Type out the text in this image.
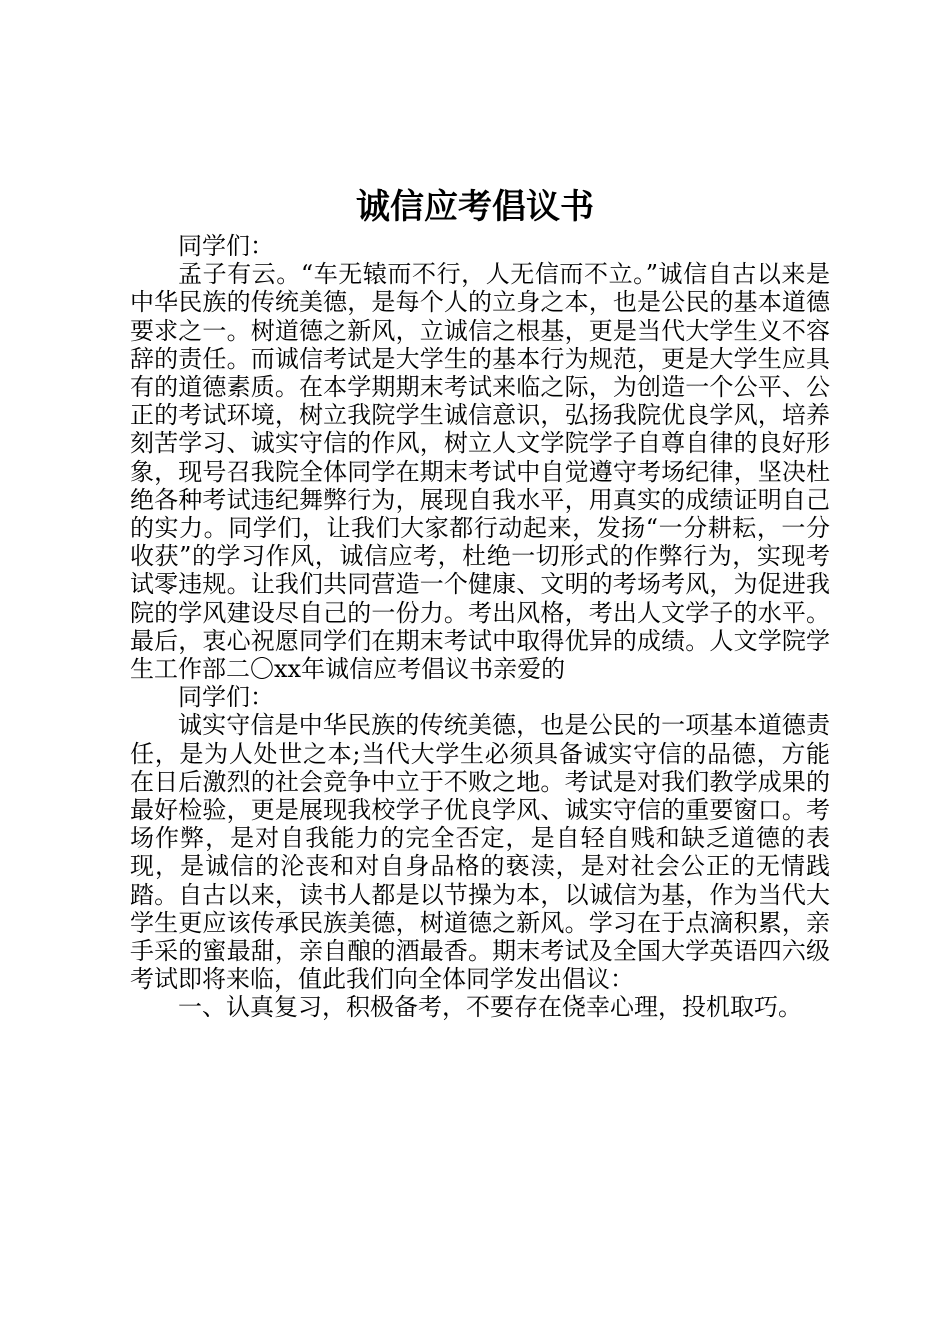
诚信应考倡议书

同学们：

孟子有云。“车无辕而不行，人无信而不立。”诚信自古以来是中华民族的传统美德，是每个人的立身之本，也是公民的基本道德要求之一。树道德之新风，立诚信之根基，更是当代大学生义不容辞的责任。而诚信考试是大学生的基本行为规范，更是大学生应具有的道德素质。在本学期期末考试来临之际，为创造一个公平、公正的考试环境，树立我院学生诚信意识，弘扬我院优良学风，培养刻苦学习、诚实守信的作风，树立人文学院学子自尊自律的良好形象，现号召我院全体同学在期末考试中自觉遵守考场纪律，坚决杜绝各种考试违纪舞弊行为，展现自我水平，用真实的成绩证明自己的实力。同学们，让我们大家都行动起来，发扬“一分耕耘，一分收获”的学习作风，诚信应考，杜绝一切形式的作弊行为，实现考试零违规。让我们共同营造一个健康、文明的考场考风，为促进我院的学风建设尽自己的一份力。考出风格，考出人文学子的水平。最后，衷心祝愿同学们在期末考试中取得优异的成绩。人文学院学生工作部二〇xx年诚信应考倡议书亲爱的

同学们：

诚实守信是中华民族的传统美德，也是公民的一项基本道德责任，是为人处世之本;当代大学生必须具备诚实守信的品德，方能在日后激烈的社会竞争中立于不败之地。考试是对我们教学成果的最好检验，更是展现我校学子优良学风、诚实守信的重要窗口。考场作弊，是对自我能力的完全否定，是自轻自贱和缺乏道德的表现，是诚信的沦丧和对自身品格的亵渎，是对社会公正的无情践踏。自古以来，读书人都是以节操为本，以诚信为基，作为当代大学生更应该传承民族美德，树道德之新风。学习在于点滴积累，亲手采的蜜最甜，亲自酿的酒最香。期末考试及全国大学英语四六级考试即将来临，值此我们向全体同学发出倡议：

一、认真复习，积极备考，不要存在侥幸心理，投机取巧。
